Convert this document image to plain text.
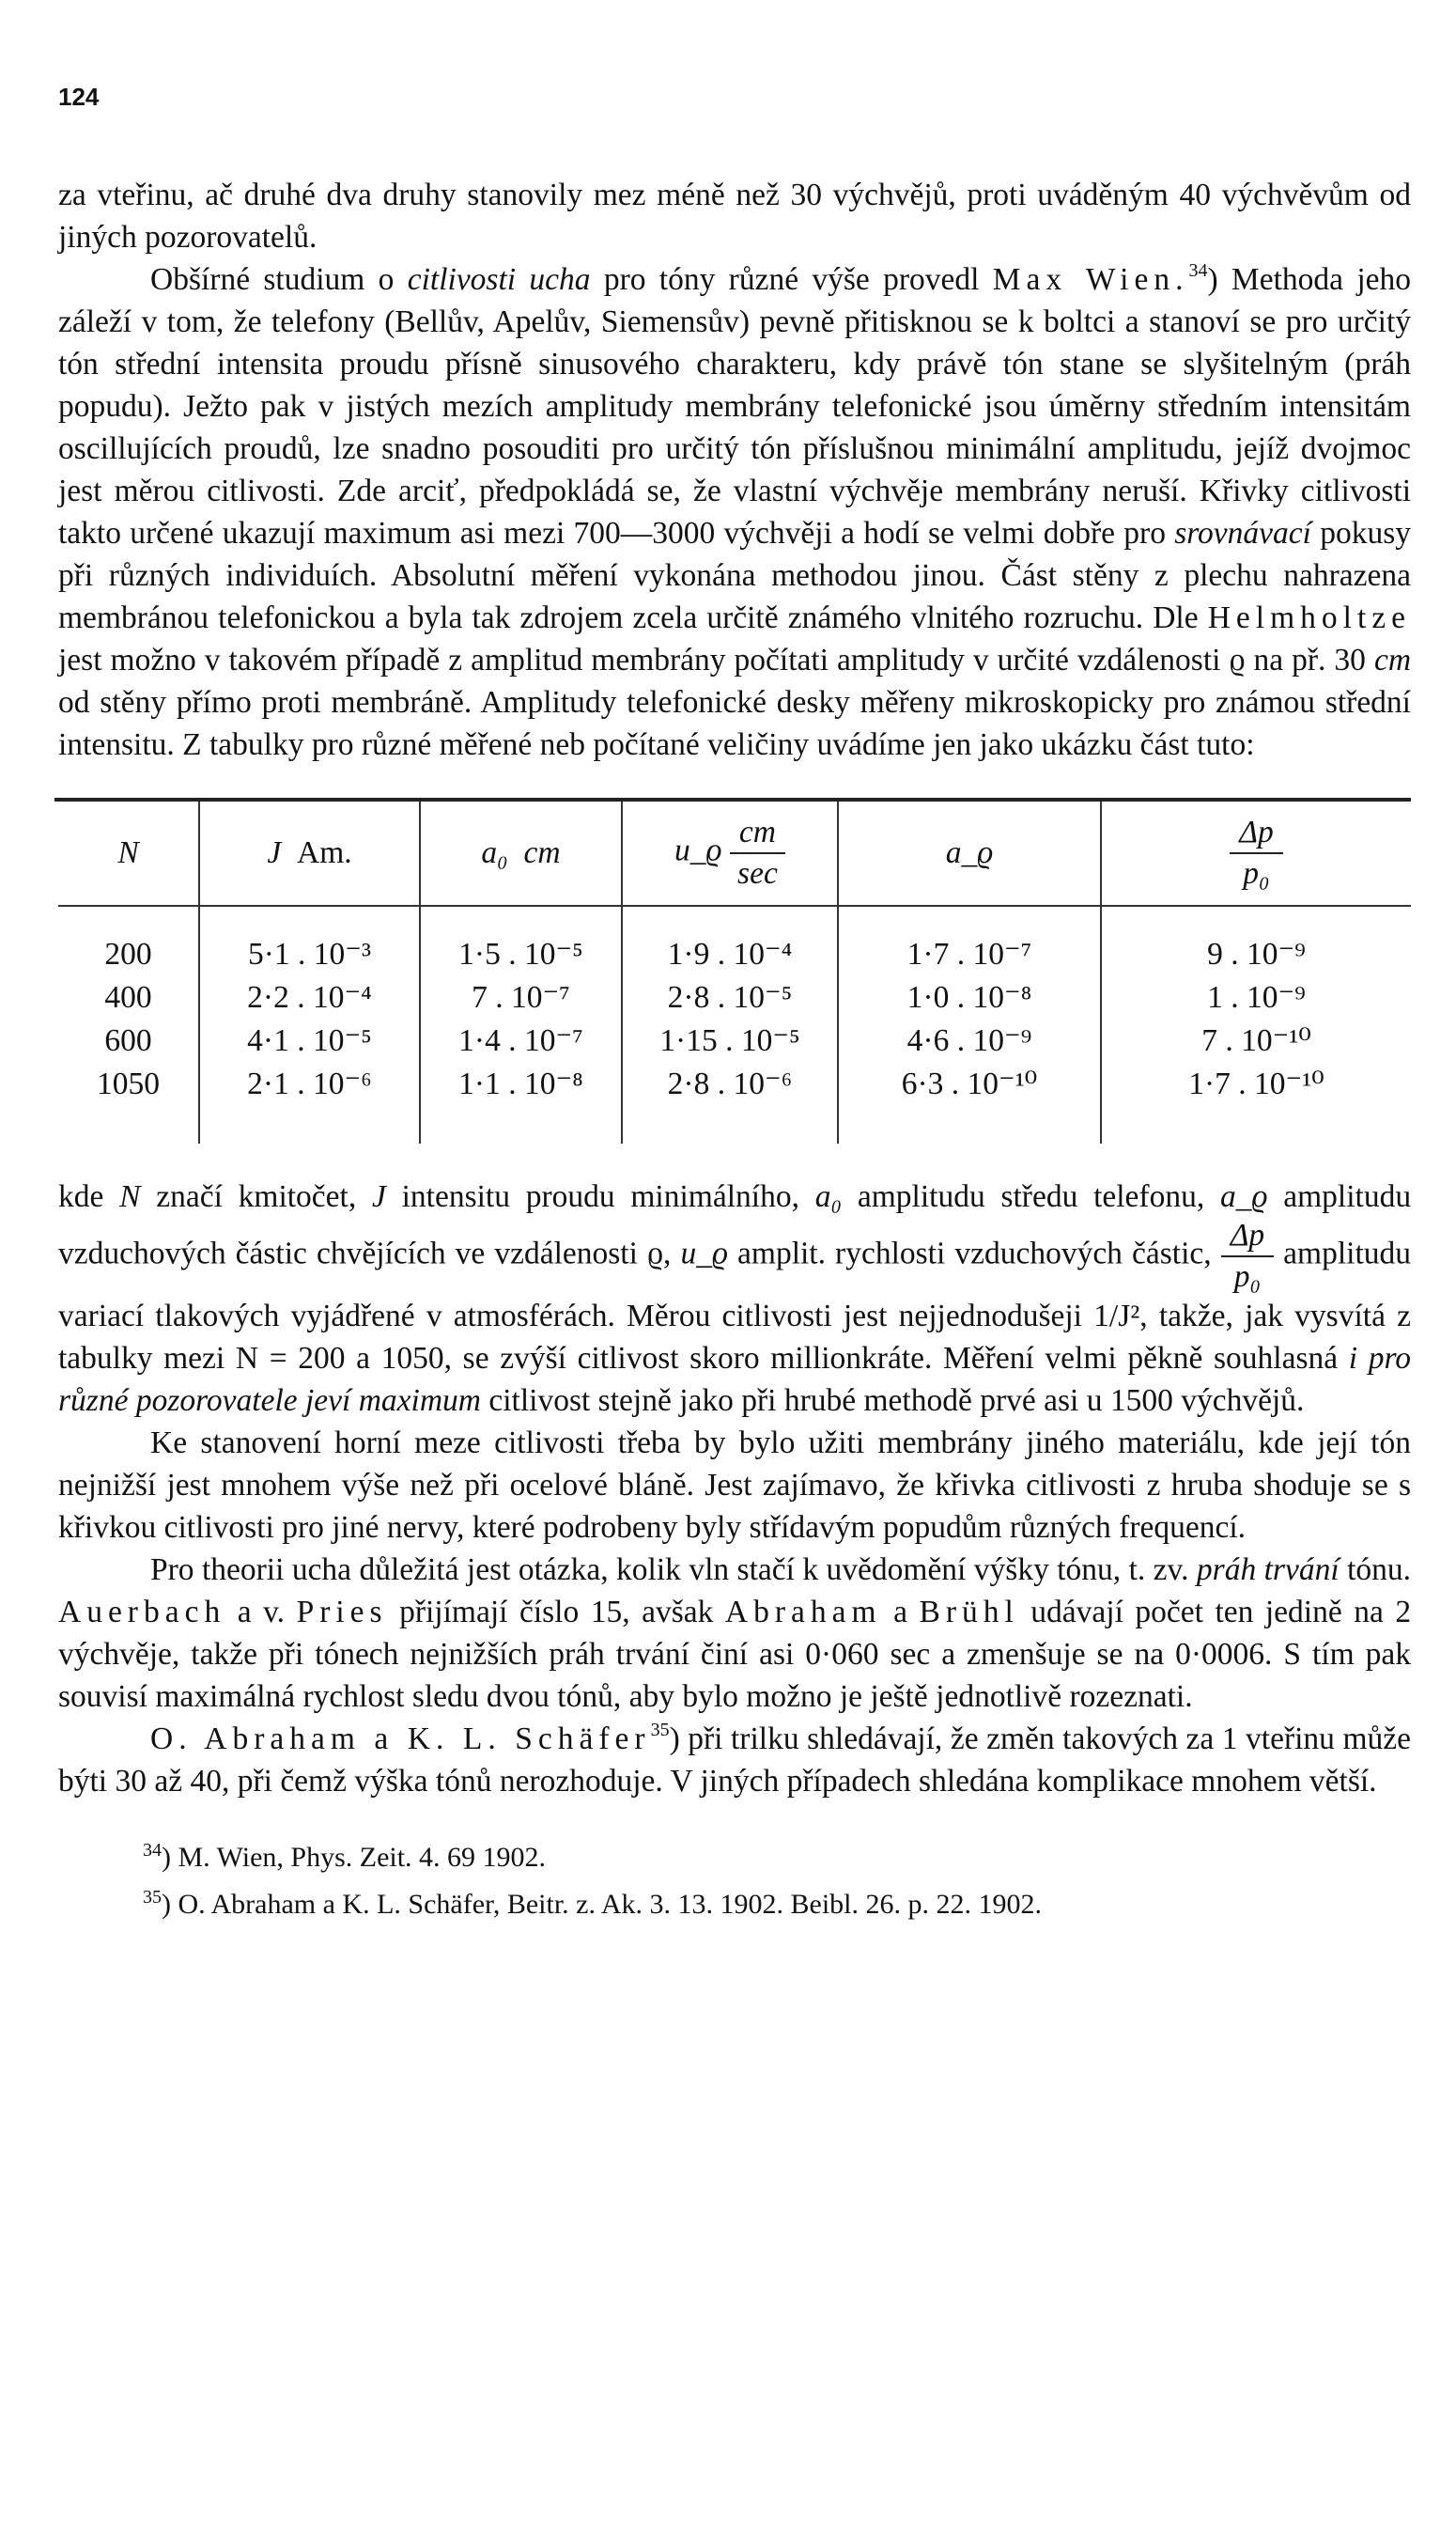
124

za vteřinu, ač druhé dva druhy stanovily mez méně než 30 výchvějů, proti uváděným 40 výchvěvům od jiných pozorovatelů.

Obšírné studium o citlivosti ucha pro tóny různé výše provedl Max Wien.$^{34}$) Methoda jeho záleží v tom, že telefony (Bellův, Apelův, Siemensův) pevně přitisknou se k boltci a stanoví se pro určitý tón střední intensita proudu přísně sinusového charakteru, kdy právě tón stane se slyšitelným (práh popudu). Ježto pak v jistých mezích amplitudy membrány telefonické jsou úměrny středním intensitám oscillujících proudů, lze snadno posouditi pro určitý tón příslušnou minimální amplitudu, jejíž dvojmoc jest měrou citlivosti. Zde arciť, předpokládá se, že vlastní výchvěje membrány neruší. Křivky citlivosti takto určené ukazují maximum asi mezi 700—3000 výchvěji a hodí se velmi dobře pro srovnávací pokusy při různých individuích. Absolutní měření vykonána methodou jinou. Část stěny z plechu nahrazena membránou telefonickou a byla tak zdrojem zcela určitě známého vlnitého rozruchu. Dle Helmholtze jest možno v takovém případě z amplitud membrány počítati amplitudy v určité vzdálenosti ϱ na př. 30 cm od stěny přímo proti membráně. Amplitudy telefonické desky měřeny mikroskopicky pro známou střední intensitu. Z tabulky pro různé měřené neb počítané veličiny uvádíme jen jako ukázku část tuto:

N	J Am.	a₀ cm	u_ϱ $\frac{cm}{\sec}$	a_ϱ	$\frac{\Delta p}{\text{p₀}}$

200	5·1 . 10⁻³	1·5 . 10⁻⁵	1·9 . 10⁻⁴	1·7 . 10⁻⁷	9 . 10⁻⁹
400	2·2 . 10⁻⁴	7 . 10⁻⁷	2·8 . 10⁻⁵	1·0 . 10⁻⁸	1 . 10⁻⁹
600	4·1 . 10⁻⁵	1·4 . 10⁻⁷	1·15 . 10⁻⁵	4·6 . 10⁻⁹	7 . 10⁻¹⁰
1050	2·1 . 10⁻⁶	1·1 . 10⁻⁸	2·8 . 10⁻⁶	6·3 . 10⁻¹⁰	1·7 . 10⁻¹⁰

kde N značí kmitočet, J intensitu proudu minimálního, a₀ amplitudu středu telefonu, a_ϱ amplitudu vzduchových částic chvějících ve vzdálenosti ϱ, u_ϱ amplit. rychlosti vzduchových částic, $\frac{\Delta p}{\text{p₀}}$ amplitudu variací tlakových vyjádřené v atmosférách. Měrou citlivosti jest nejjednodušeji 1/J², takže, jak vysvítá z tabulky mezi N = 200 a 1050, se zvýší citlivost skoro millionkráte. Měření velmi pěkně souhlasná i pro různé pozorovatele jeví maximum citlivost stejně jako při hrubé methodě prvé asi u 1500 výchvějů.

Ke stanovení horní meze citlivosti třeba by bylo užiti membrány jiného materiálu, kde její tón nejnižší jest mnohem výše než při ocelové bláně. Jest zajímavo, že křivka citlivosti z hruba shoduje se s křivkou citlivosti pro jiné nervy, které podrobeny byly střídavým popudům různých frequencí.

Pro theorii ucha důležitá jest otázka, kolik vln stačí k uvědomění výšky tónu, t. zv. práh trvání tónu. Auerbach a v. Pries přijímají číslo 15, avšak Abraham a Brühl udávají počet ten jedině na 2 výchvěje, takže při tónech nejnižších práh trvání činí asi 0·060 sec a zmenšuje se na 0·0006. S tím pak souvisí maximálná rychlost sledu dvou tónů, aby bylo možno je ještě jednotlivě rozeznati.

O. Abraham a K. L. Schäfer$^{35}$) při trilku shledávají, že změn takových za 1 vteřinu může býti 30 až 40, při čemž výška tónů nerozhoduje. V jiných případech shledána komplikace mnohem větší.

$^{34}$) M. Wien, Phys. Zeit. 4. 69 1902.

$^{35}$) O. Abraham a K. L. Schäfer, Beitr. z. Ak. 3. 13. 1902. Beibl. 26. p. 22. 1902.
